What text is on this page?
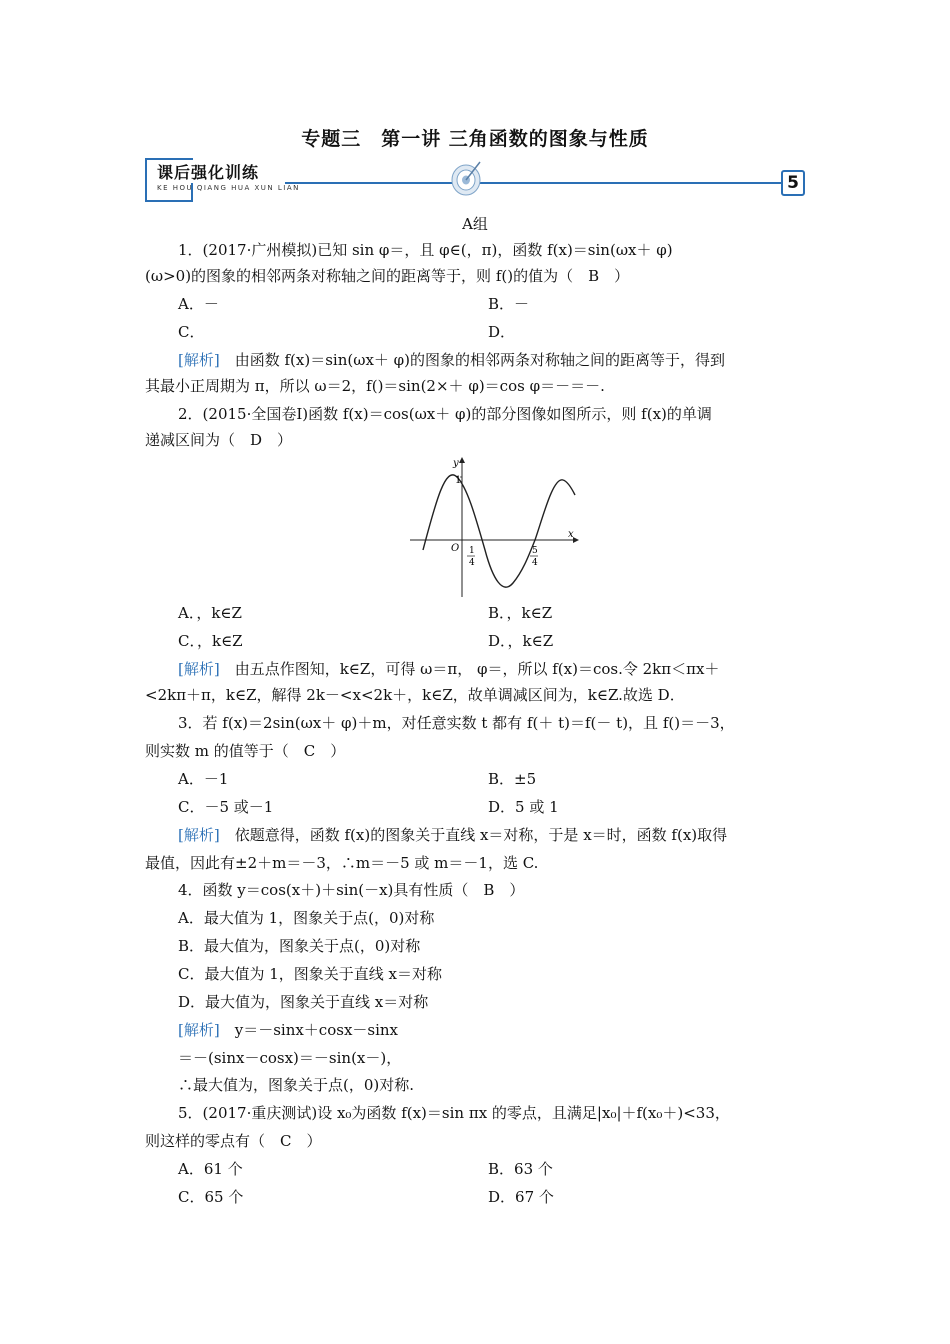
专题三　第一讲 三角函数的图象与性质
课后强化训练
KE HOU QIANG HUA XUN LIAN	5
A组
1．(2017·广州模拟)已知 sin φ＝，且 φ∈(，π)，函数 f(x)＝sin(ωx＋ φ)
(ω>0)的图象的相邻两条对称轴之间的距离等于，则 f()的值为（　B　）
A．－	B．－
C．	D．
[解析]　由函数 f(x)＝sin(ωx＋ φ)的图象的相邻两条对称轴之间的距离等于，得到
其最小正周期为 π，所以 ω＝2，f()＝sin(2×＋ φ)＝cos φ＝－＝－.
2．(2015·全国卷Ⅰ)函数 f(x)＝cos(ωx＋ φ)的部分图像如图所示，则 f(x)的单调
递减区间为（　D　）
y
x
O
1
1
4
5
4
A．，k∈Z	B．，k∈Z
C．，k∈Z	D．，k∈Z
[解析]　由五点作图知，k∈Z，可得 ω＝π， φ＝，所以 f(x)＝cos.令 2kπ＜πx＋
<2kπ＋π，k∈Z，解得 2k－<x<2k＋，k∈Z，故单调减区间为，k∈Z.故选 D．
3．若 f(x)＝2sin(ωx＋ φ)＋m，对任意实数 t 都有 f(＋ t)＝f(－ t)，且 f()＝－3，
则实数 m 的值等于（　C　）
A．－1	B．±5
C．－5 或－1	D．5 或 1
[解析]　依题意得，函数 f(x)的图象关于直线 x＝对称，于是 x＝时，函数 f(x)取得
最值，因此有±2＋m＝－3，∴m＝－5 或 m＝－1，选 C.
4．函数 y＝cos(x＋)＋sin(－x)具有性质（　B　）
A．最大值为 1，图象关于点(，0)对称
B．最大值为，图象关于点(，0)对称
C．最大值为 1，图象关于直线 x＝对称
D．最大值为，图象关于直线 x＝对称
[解析]　y＝－sinx＋cosx－sinx
＝－(sinx－cosx)＝－sin(x－)，
∴最大值为，图象关于点(，0)对称.
5．(2017·重庆测试)设 x₀为函数 f(x)＝sin πx 的零点，且满足|x₀|＋f(x₀＋)<33，
则这样的零点有（　C　）
A．61 个	B．63 个
C．65 个	D．67 个
